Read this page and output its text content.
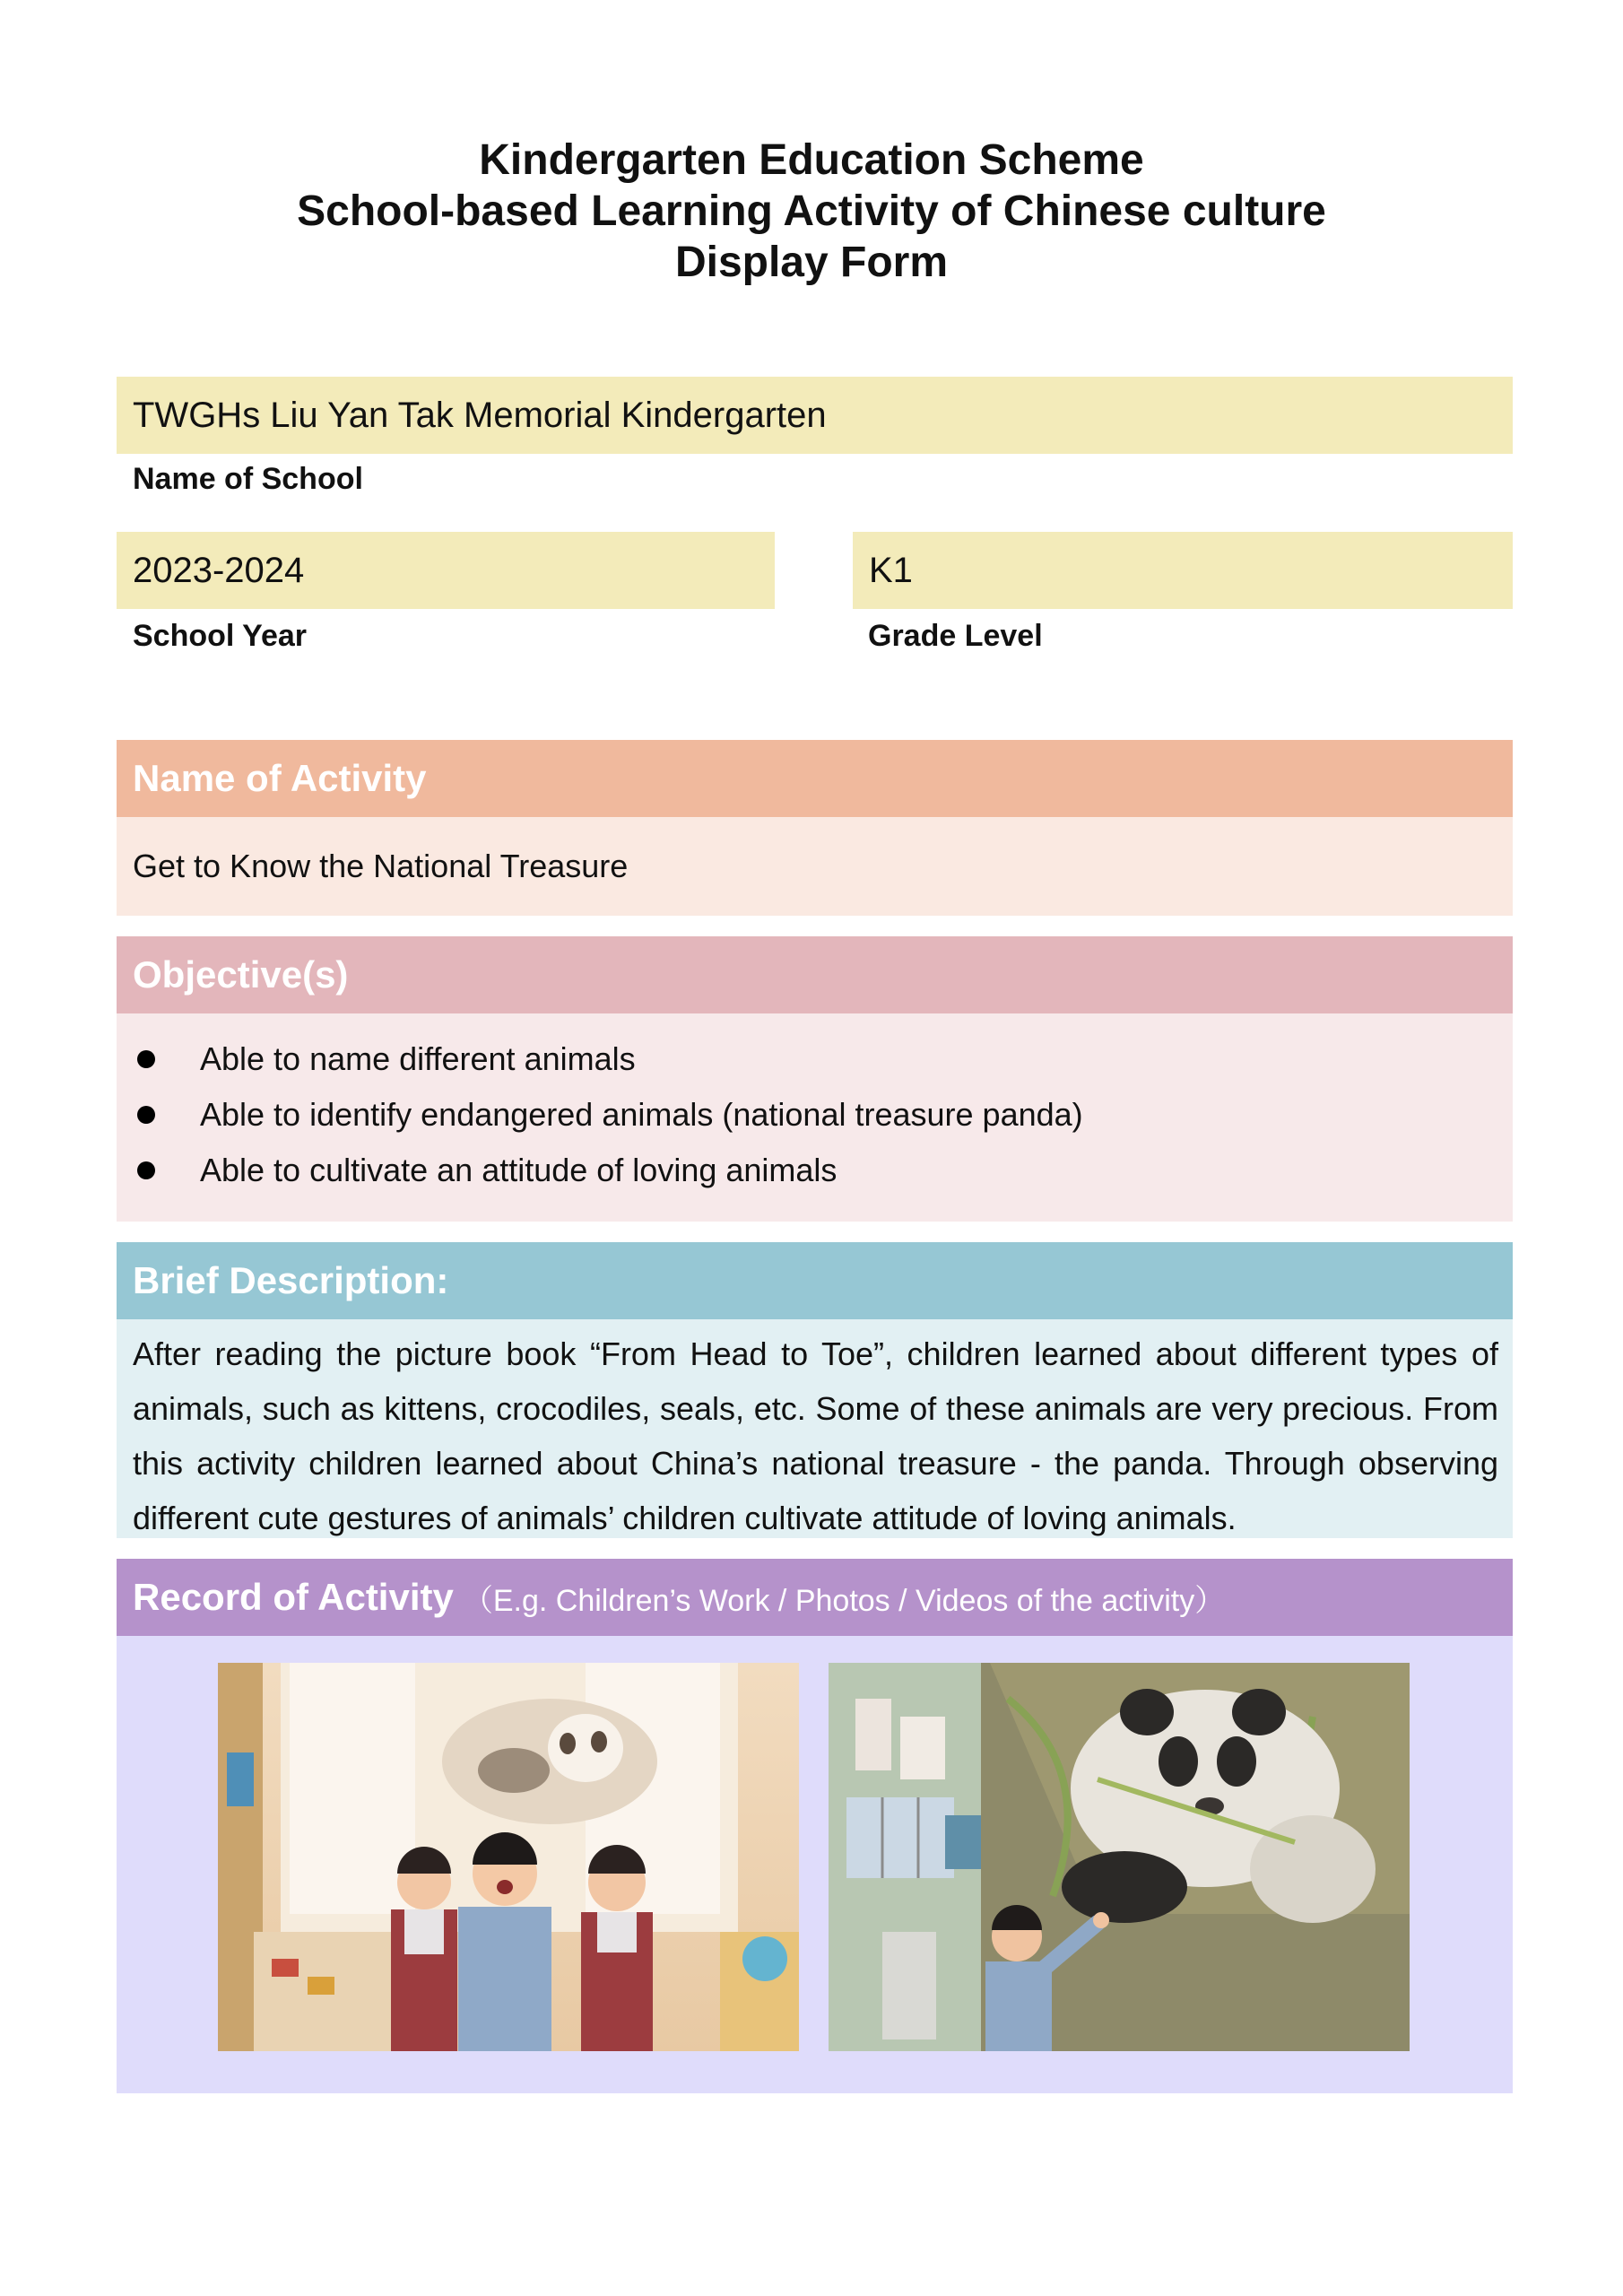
Kindergarten Education Scheme
School-based Learning Activity of Chinese culture
Display Form
TWGHs Liu Yan Tak Memorial Kindergarten
Name of School
2023-2024
School Year
K1
Grade Level
Name of Activity
Get to Know the National Treasure
Objective(s)
Able to name different animals
Able to identify endangered animals (national treasure panda)
Able to cultivate an attitude of loving animals
Brief Description:
After reading the picture book “From Head to Toe”, children learned about different types of animals, such as kittens, crocodiles, seals, etc. Some of these animals are very precious. From this activity children learned about China’s national treasure - the panda. Through observing different cute gestures of animals’ children cultivate attitude of loving animals.
Record of Activity （E.g. Children’s Work / Photos / Videos of the activity）
